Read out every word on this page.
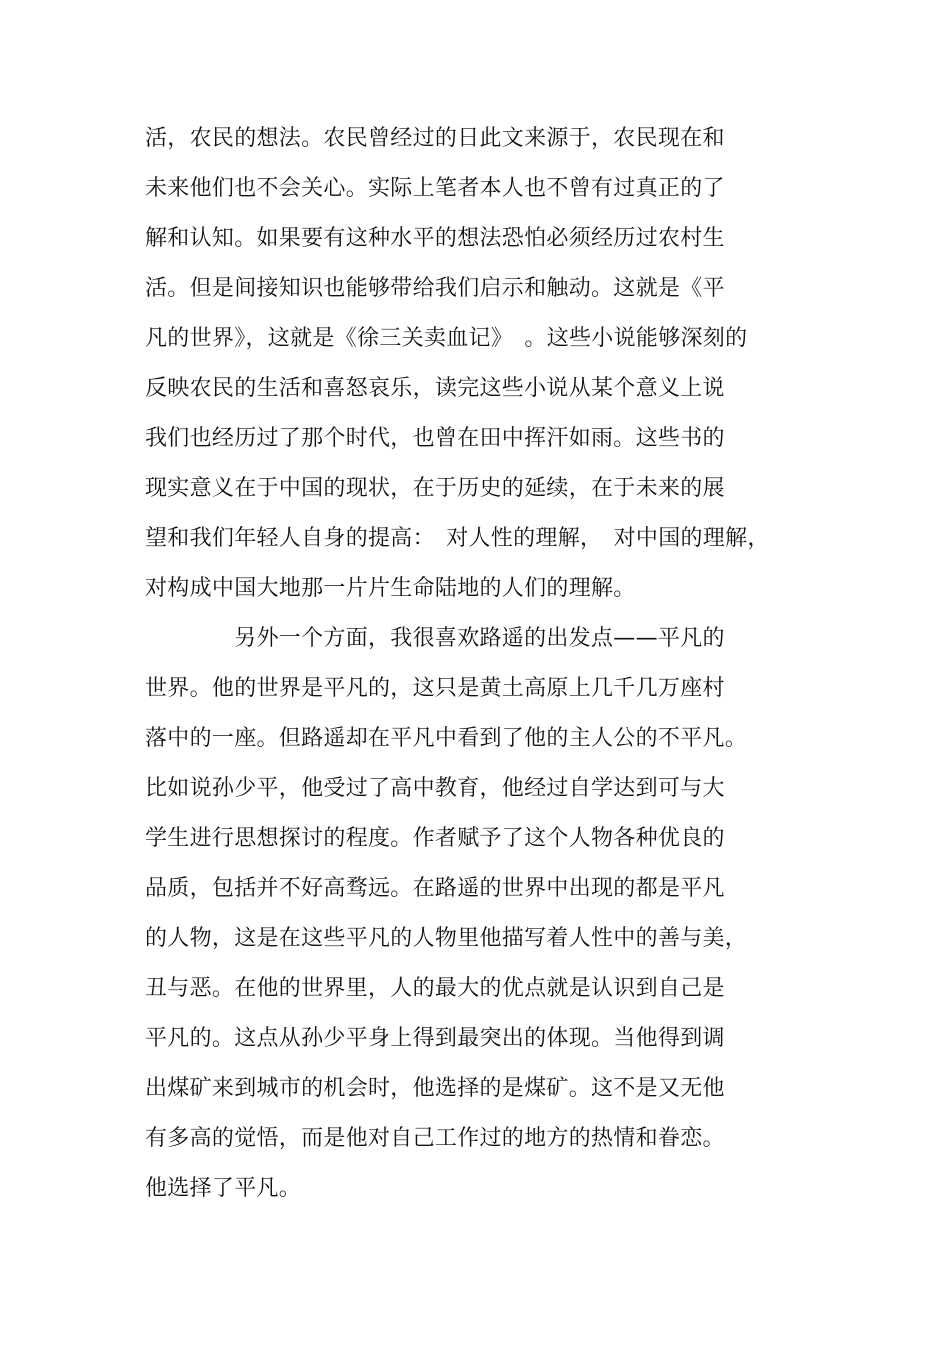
活，农民的想法。农民曾经过的日此文来源于，农民现在和
未来他们也不会关心。实际上笔者本人也不曾有过真正的了
解和认知。如果要有这种水平的想法恐怕必须经历过农村生
活。但是间接知识也能够带给我们启示和触动。这就是《平
凡的世界》，这就是《徐三关卖血记》　。这些小说能够深刻的
反映农民的生活和喜怒哀乐，读完这些小说从某个意义上说
我们也经历过了那个时代，也曾在田中挥汗如雨。这些书的
现实意义在于中国的现状，在于历史的延续，在于未来的展
望和我们年轻人自身的提高：　对人性的理解，　对中国的理解，
对构成中国大地那一片片生命陆地的人们的理解。
　　　　另外一个方面，我很喜欢路遥的出发点——平凡的
世界。他的世界是平凡的，这只是黄土高原上几千几万座村
落中的一座。但路遥却在平凡中看到了他的主人公的不平凡。
比如说孙少平，他受过了高中教育，他经过自学达到可与大
学生进行思想探讨的程度。作者赋予了这个人物各种优良的
品质，包括并不好高骛远。在路遥的世界中出现的都是平凡
的人物，这是在这些平凡的人物里他描写着人性中的善与美，
丑与恶。在他的世界里，人的最大的优点就是认识到自己是
平凡的。这点从孙少平身上得到最突出的体现。当他得到调
出煤矿来到城市的机会时，他选择的是煤矿。这不是又无他
有多高的觉悟，而是他对自己工作过的地方的热情和眷恋。
他选择了平凡。
